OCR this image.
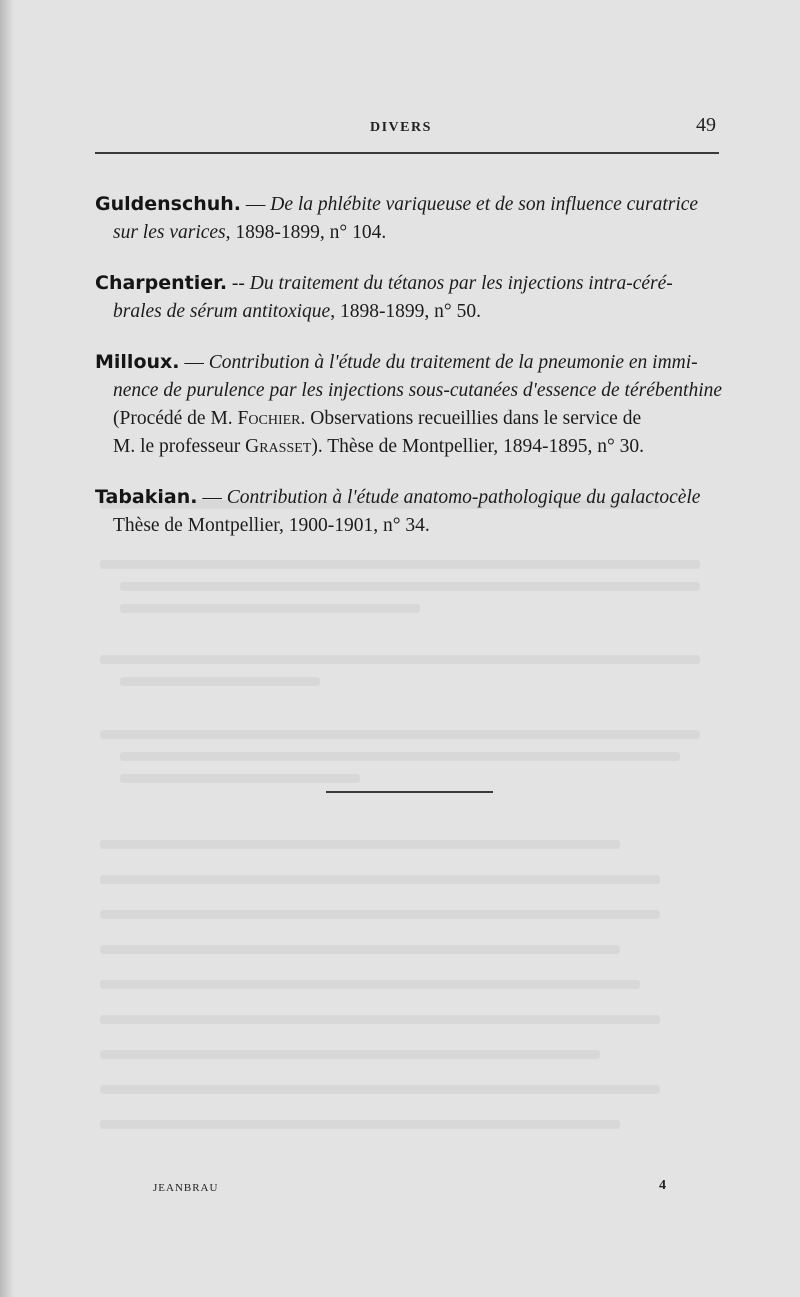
DIVERS	49
Guldenschuh. — De la phlébite variqueuse et de son influence curatrice
sur les varices, 1898-1899, n° 104.
Charpentier. -- Du traitement du tétanos par les injections intra-céré-
brales de sérum antitoxique, 1898-1899, n° 50.
Milloux. — Contribution à l'étude du traitement de la pneumonie en immi-
nence de purulence par les injections sous-cutanées d'essence de térébenthine
(Procédé de M. Fochier. Observations recueillies dans le service de
M. le professeur Grasset). Thèse de Montpellier, 1894-1895, n° 30.
Tabakian. — Contribution à l'étude anatomo-pathologique du galactocèle
Thèse de Montpellier, 1900-1901, n° 34.
JEANBRAU	4
